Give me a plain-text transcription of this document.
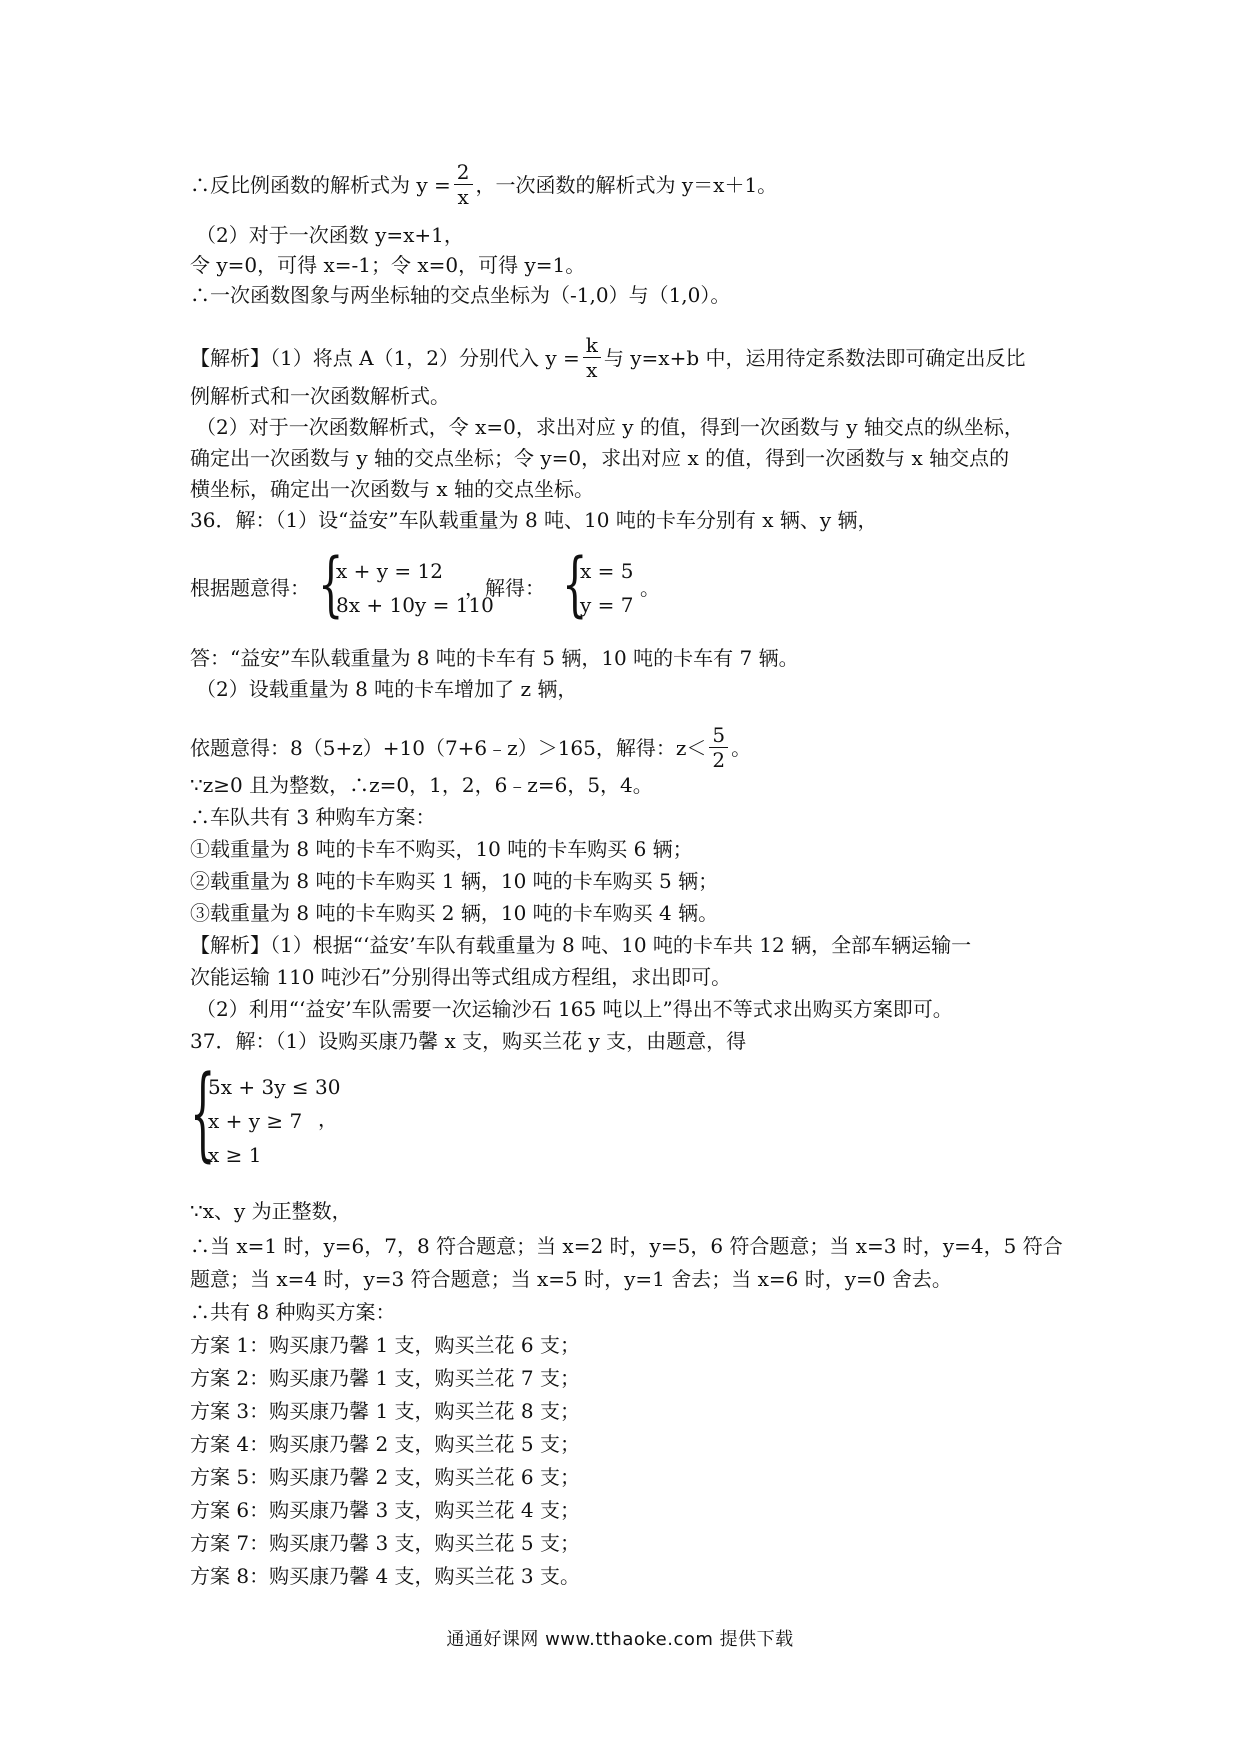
∴反比例函数的解析式为 $y = \frac{2}{x}$ ，一次函数的解析式为 y＝x＋1。
（2）对于一次函数 y=x+1，
令 y=0，可得 x=-1；令 x=0，可得 y=1。
∴一次函数图象与两坐标轴的交点坐标为（-1,0）与（1,0）。
【解析】（1）将点 A（1，2）分别代入 $y = \frac{k}{x}$ 与 y=x+b 中，运用待定系数法即可确定出反比
例解析式和一次函数解析式。
（2）对于一次函数解析式，令 x=0，求出对应 y 的值，得到一次函数与 y 轴交点的纵坐标，
确定出一次函数与 y 轴的交点坐标；令 y=0，求出对应 x 的值，得到一次函数与 x 轴交点的
横坐标，确定出一次函数与 x 轴的交点坐标。
36．解：（1）设“益安”车队载重量为 8 吨、10 吨的卡车分别有 x 辆、y 辆，
根据题意得： {
x + y = 12
8x + 10y = 110
，解得： {
x = 5
y = 7
。
答：“益安”车队载重量为 8 吨的卡车有 5 辆，10 吨的卡车有 7 辆。
（2）设载重量为 8 吨的卡车增加了 z 辆，
依题意得：8（5+z）+10（7+6﹣z）＞165，解得：$z< \frac{5}{2}$ 。
∵z≥0 且为整数，∴z=0，1，2，6﹣z=6，5，4。
∴车队共有 3 种购车方案：
①载重量为 8 吨的卡车不购买，10 吨的卡车购买 6 辆；
②载重量为 8 吨的卡车购买 1 辆，10 吨的卡车购买 5 辆；
③载重量为 8 吨的卡车购买 2 辆，10 吨的卡车购买 4 辆。
【解析】（1）根据“‘益安’车队有载重量为 8 吨、10 吨的卡车共 12 辆，全部车辆运输一
次能运输 110 吨沙石”分别得出等式组成方程组，求出即可。
（2）利用“‘益安’车队需要一次运输沙石 165 吨以上”得出不等式求出购买方案即可。
37．解：（1）设购买康乃馨 x 支，购买兰花 y 支，由题意，得
{
5x + 3y ≤ 30
x + y ≥ 7
x ≥ 1
，
∵x、y 为正整数，
∴当 x=1 时，y=6，7，8 符合题意；当 x=2 时，y=5，6 符合题意；当 x=3 时，y=4，5 符合
题意；当 x=4 时，y=3 符合题意；当 x=5 时，y=1 舍去；当 x=6 时，y=0 舍去。
∴共有 8 种购买方案：
方案 1：购买康乃馨 1 支，购买兰花 6 支；
方案 2：购买康乃馨 1 支，购买兰花 7 支；
方案 3：购买康乃馨 1 支，购买兰花 8 支；
方案 4：购买康乃馨 2 支，购买兰花 5 支；
方案 5：购买康乃馨 2 支，购买兰花 6 支；
方案 6：购买康乃馨 3 支，购买兰花 4 支；
方案 7：购买康乃馨 3 支，购买兰花 5 支；
方案 8：购买康乃馨 4 支，购买兰花 3 支。
通通好课网 www.tthaoke.com 提供下载
